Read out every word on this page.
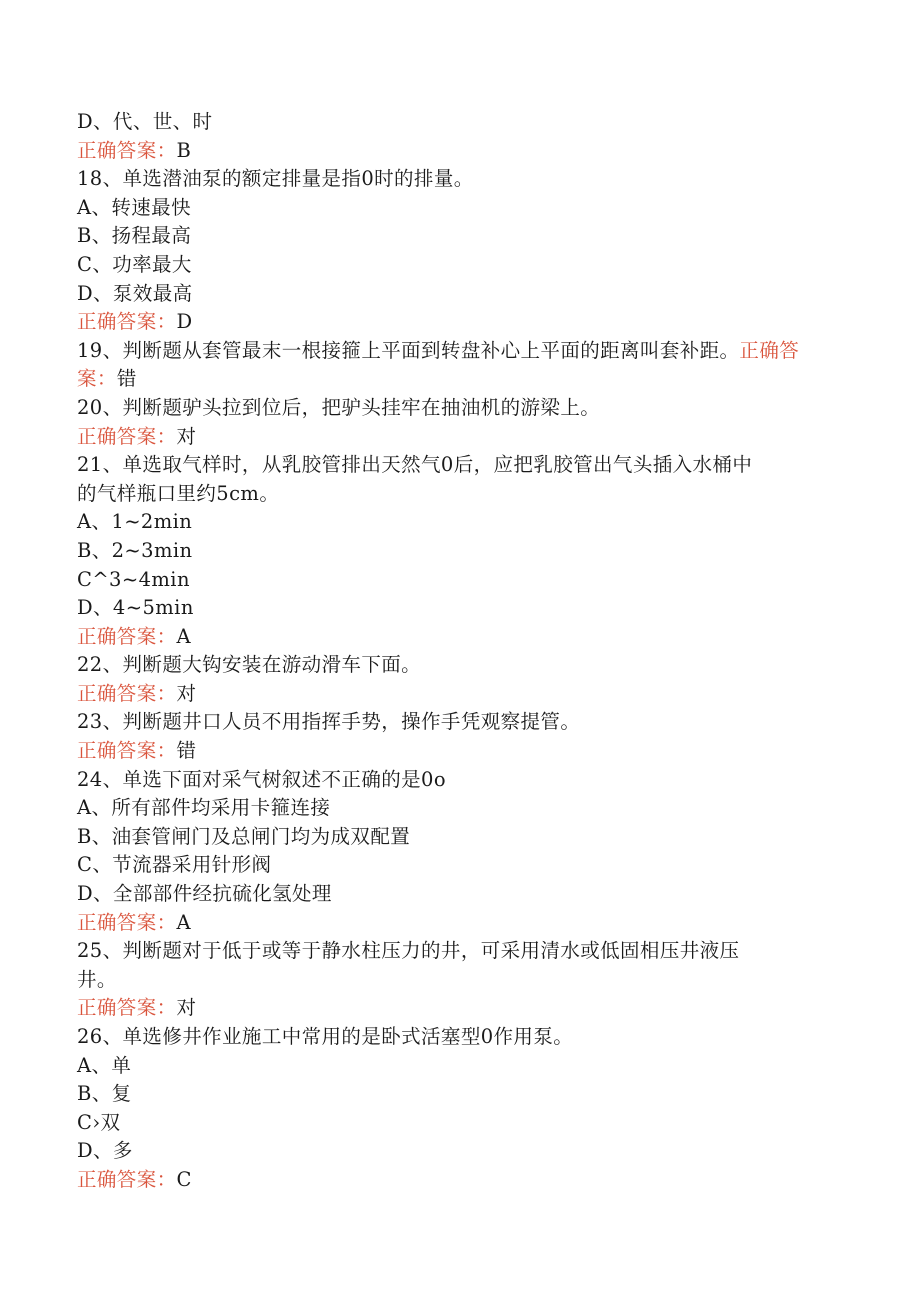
D、代、世、时
正确答案：B
18、单选潜油泵的额定排量是指0时的排量。
A、转速最快
B、扬程最高
C、功率最大
D、泵效最高
正确答案：D
19、判断题从套管最末一根接箍上平面到转盘补心上平面的距离叫套补距。正确答案：错
20、判断题驴头拉到位后，把驴头挂牢在抽油机的游梁上。
正确答案：对
21、单选取气样时，从乳胶管排出天然气0后，应把乳胶管出气头插入水桶中
的气样瓶口里约5cm。
A、1~2min
B、2~3min
C^3~4min
D、4~5min
正确答案：A
22、判断题大钩安装在游动滑车下面。
正确答案：对
23、判断题井口人员不用指挥手势，操作手凭观察提管。
正确答案：错
24、单选下面对采气树叙述不正确的是0o
A、所有部件均采用卡箍连接
B、油套管闸门及总闸门均为成双配置
C、节流器采用针形阀
D、全部部件经抗硫化氢处理
正确答案：A
25、判断题对于低于或等于静水柱压力的井，可采用清水或低固相压井液压
井。
正确答案：对
26、单选修井作业施工中常用的是卧式活塞型0作用泵。
A、单
B、复
C›双
D、多
正确答案：C
